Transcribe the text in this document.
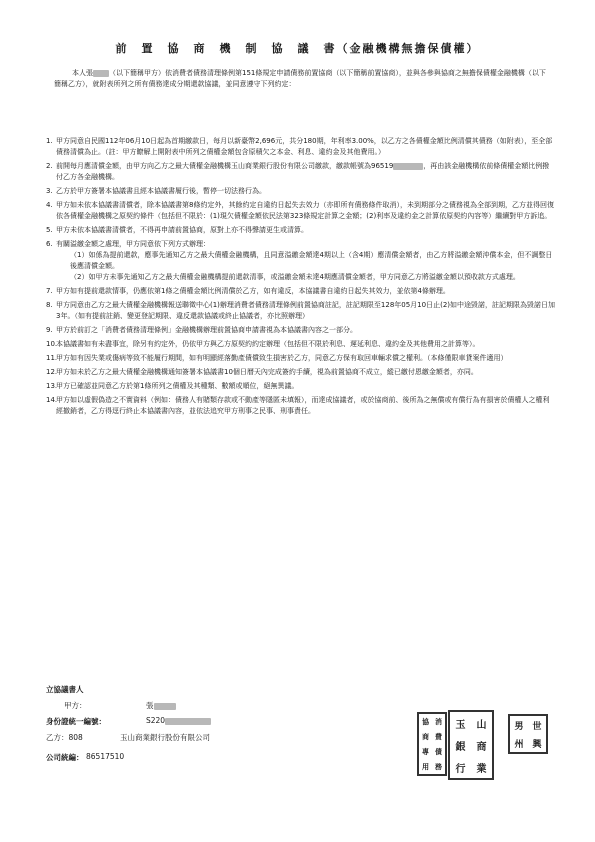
前　置　協　商　機　制　協　議　書（金融機構無擔保債權）
本人張 （以下簡稱甲方）依消費者債務清理條例第151條規定申請債務前置協商（以下簡稱前置協商），並與各參與協商之無擔保債權金融機構（以下簡稱乙方），就附表所列之所有債務達成分期還款協議，並同意遵守下列約定：
1. 甲方同意自民國112年06月10日起為首期繳款日，每月以新臺幣2,696元，共分180期，年利率3.00%，以乙方之各債權金額比例清償其債務（如附表），至全部債務清償為止。（註：甲方瞭解上開附表中所列之債權金額包含原積欠之本金、利息、違約金及其他費用。）
2. 前開每月應清償金額，由甲方向乙方之最大債權金融機構玉山商業銀行股份有限公司繳款，繳款帳號為96519	，再由該金融機構依前條債權金額比例撥付乙方各金融機構。
3. 乙方於甲方簽署本協議書且經本協議書履行後，暫停一切法務行為。
4. 甲方如未依本協議書清償者，除本協議書第8條約定外，其餘約定自違約日起失去效力（亦即所有債務條件取消），未到期部分之債務視為全部到期，乙方並得回復依各債權金融機構之原契約條件（包括但不限於：(1)現欠債權金額依民法第323條規定計算之金額；(2)利率及違約金之計算依原契約內容等）繼續對甲方訴追。
5. 甲方未依本協議書清償者，不得再申請前置協商，原對上亦不得聲請更生或清算。
6. 有關溢繳金額之處理，甲方同意依下列方式辦理：
（1）如係為提前還款，應事先通知乙方之最大債權金融機構，且同意溢繳金額達4期以上（含4期）應清償金額者，由乙方將溢繳金額沖償本金，但不調整日後應清償金額。
（2）如甲方未事先通知乙方之最大債權金融機構提前還款清事，或溢繳金額未達4期應清償金額者，甲方同意乙方將溢繳金額以預收款方式處理。
7. 甲方如有提前還款情事，仍應依第1條之債權金額比例清償於乙方，如有違反，本協議書自違約日起失其效力，並依第4條辦理。
8. 甲方同意由乙方之最大債權金融機構報送聯徵中心(1)辦理消費者債務清理條例前置協商註記，註記期限至128年05月10日止(2)如中途毀諾，註記期限為毀諾日加3年。（如有提前註銷、變更登記期限、違反還款協議或終止協議者，亦比照辦理）
9. 甲方於前訂之「消費者債務清理條例」金融機構辦理前置協商申請書視為本協議書內容之一部分。
10.
本協議書如有未盡事宜，除另有約定外，仍依甲方與乙方原契約約定辦理（包括但不限於利息、遲延利息、違約金及其他費用之計算等）。
11.
甲方如有因失業或傷病等致不能履行期間，如有明顯經落勤產債償致生損害於乙方，同意乙方保有取回車輛求償之權利。（本條僅限車貸案件適用）
12.
甲方如未於乙方之最大債權金融機構通知簽署本協議書10個日曆天內完成簽約手續，視為前置協商不成立，縱已繳付恩繳金額者，亦同。
13.
甲方已確認並同意乙方於第1條所列之債權及其種類、數額或順位，絕無異議。
14.
甲方如以虛假偽造之不實資料（例如：債務人有賭類存款或不動產等隱匿未填報），而達成協議者，或於協商前、後所為之無償或有償行為有損害於債權人之權利經撤銷者，乙方得逕行終止本協議書內容，並依法追究甲方刑事之民事、刑事責任。
立協議書人
甲方：	張
身份證統一編號：	S220
乙方：808	玉山商業銀行股份有限公司
公司統編： 86517510
協 消
商 費
專 債
用 務
玉	山
銀	商
行	業
男 世
州 興
